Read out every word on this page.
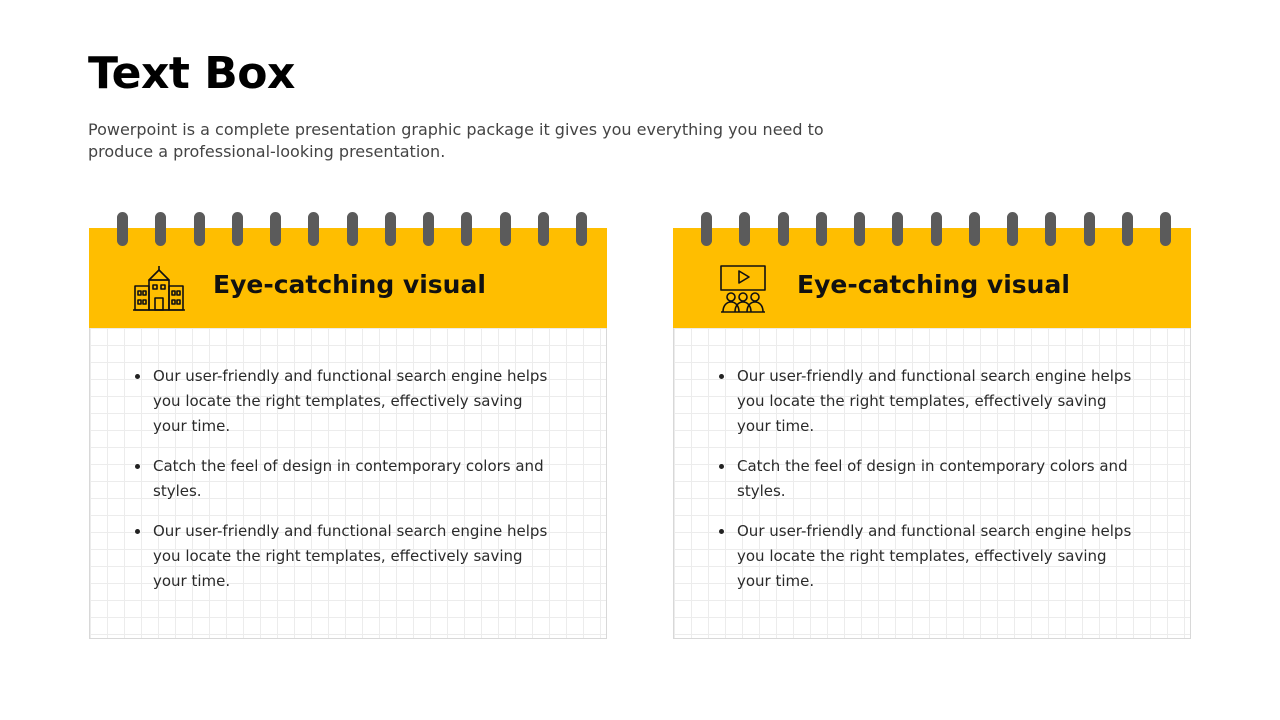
Text Box

Powerpoint is a complete presentation graphic package it gives you everything you need to produce a professional-looking presentation.

Eye-catching visual
Our user-friendly and functional search engine helps you locate the right templates, effectively saving your time.
Catch the feel of design in contemporary colors and styles.
Our user-friendly and functional search engine helps you locate the right templates, effectively saving your time.
Eye-catching visual
Our user-friendly and functional search engine helps you locate the right templates, effectively saving your time.
Catch the feel of design in contemporary colors and styles.
Our user-friendly and functional search engine helps you locate the right templates, effectively saving your time.
